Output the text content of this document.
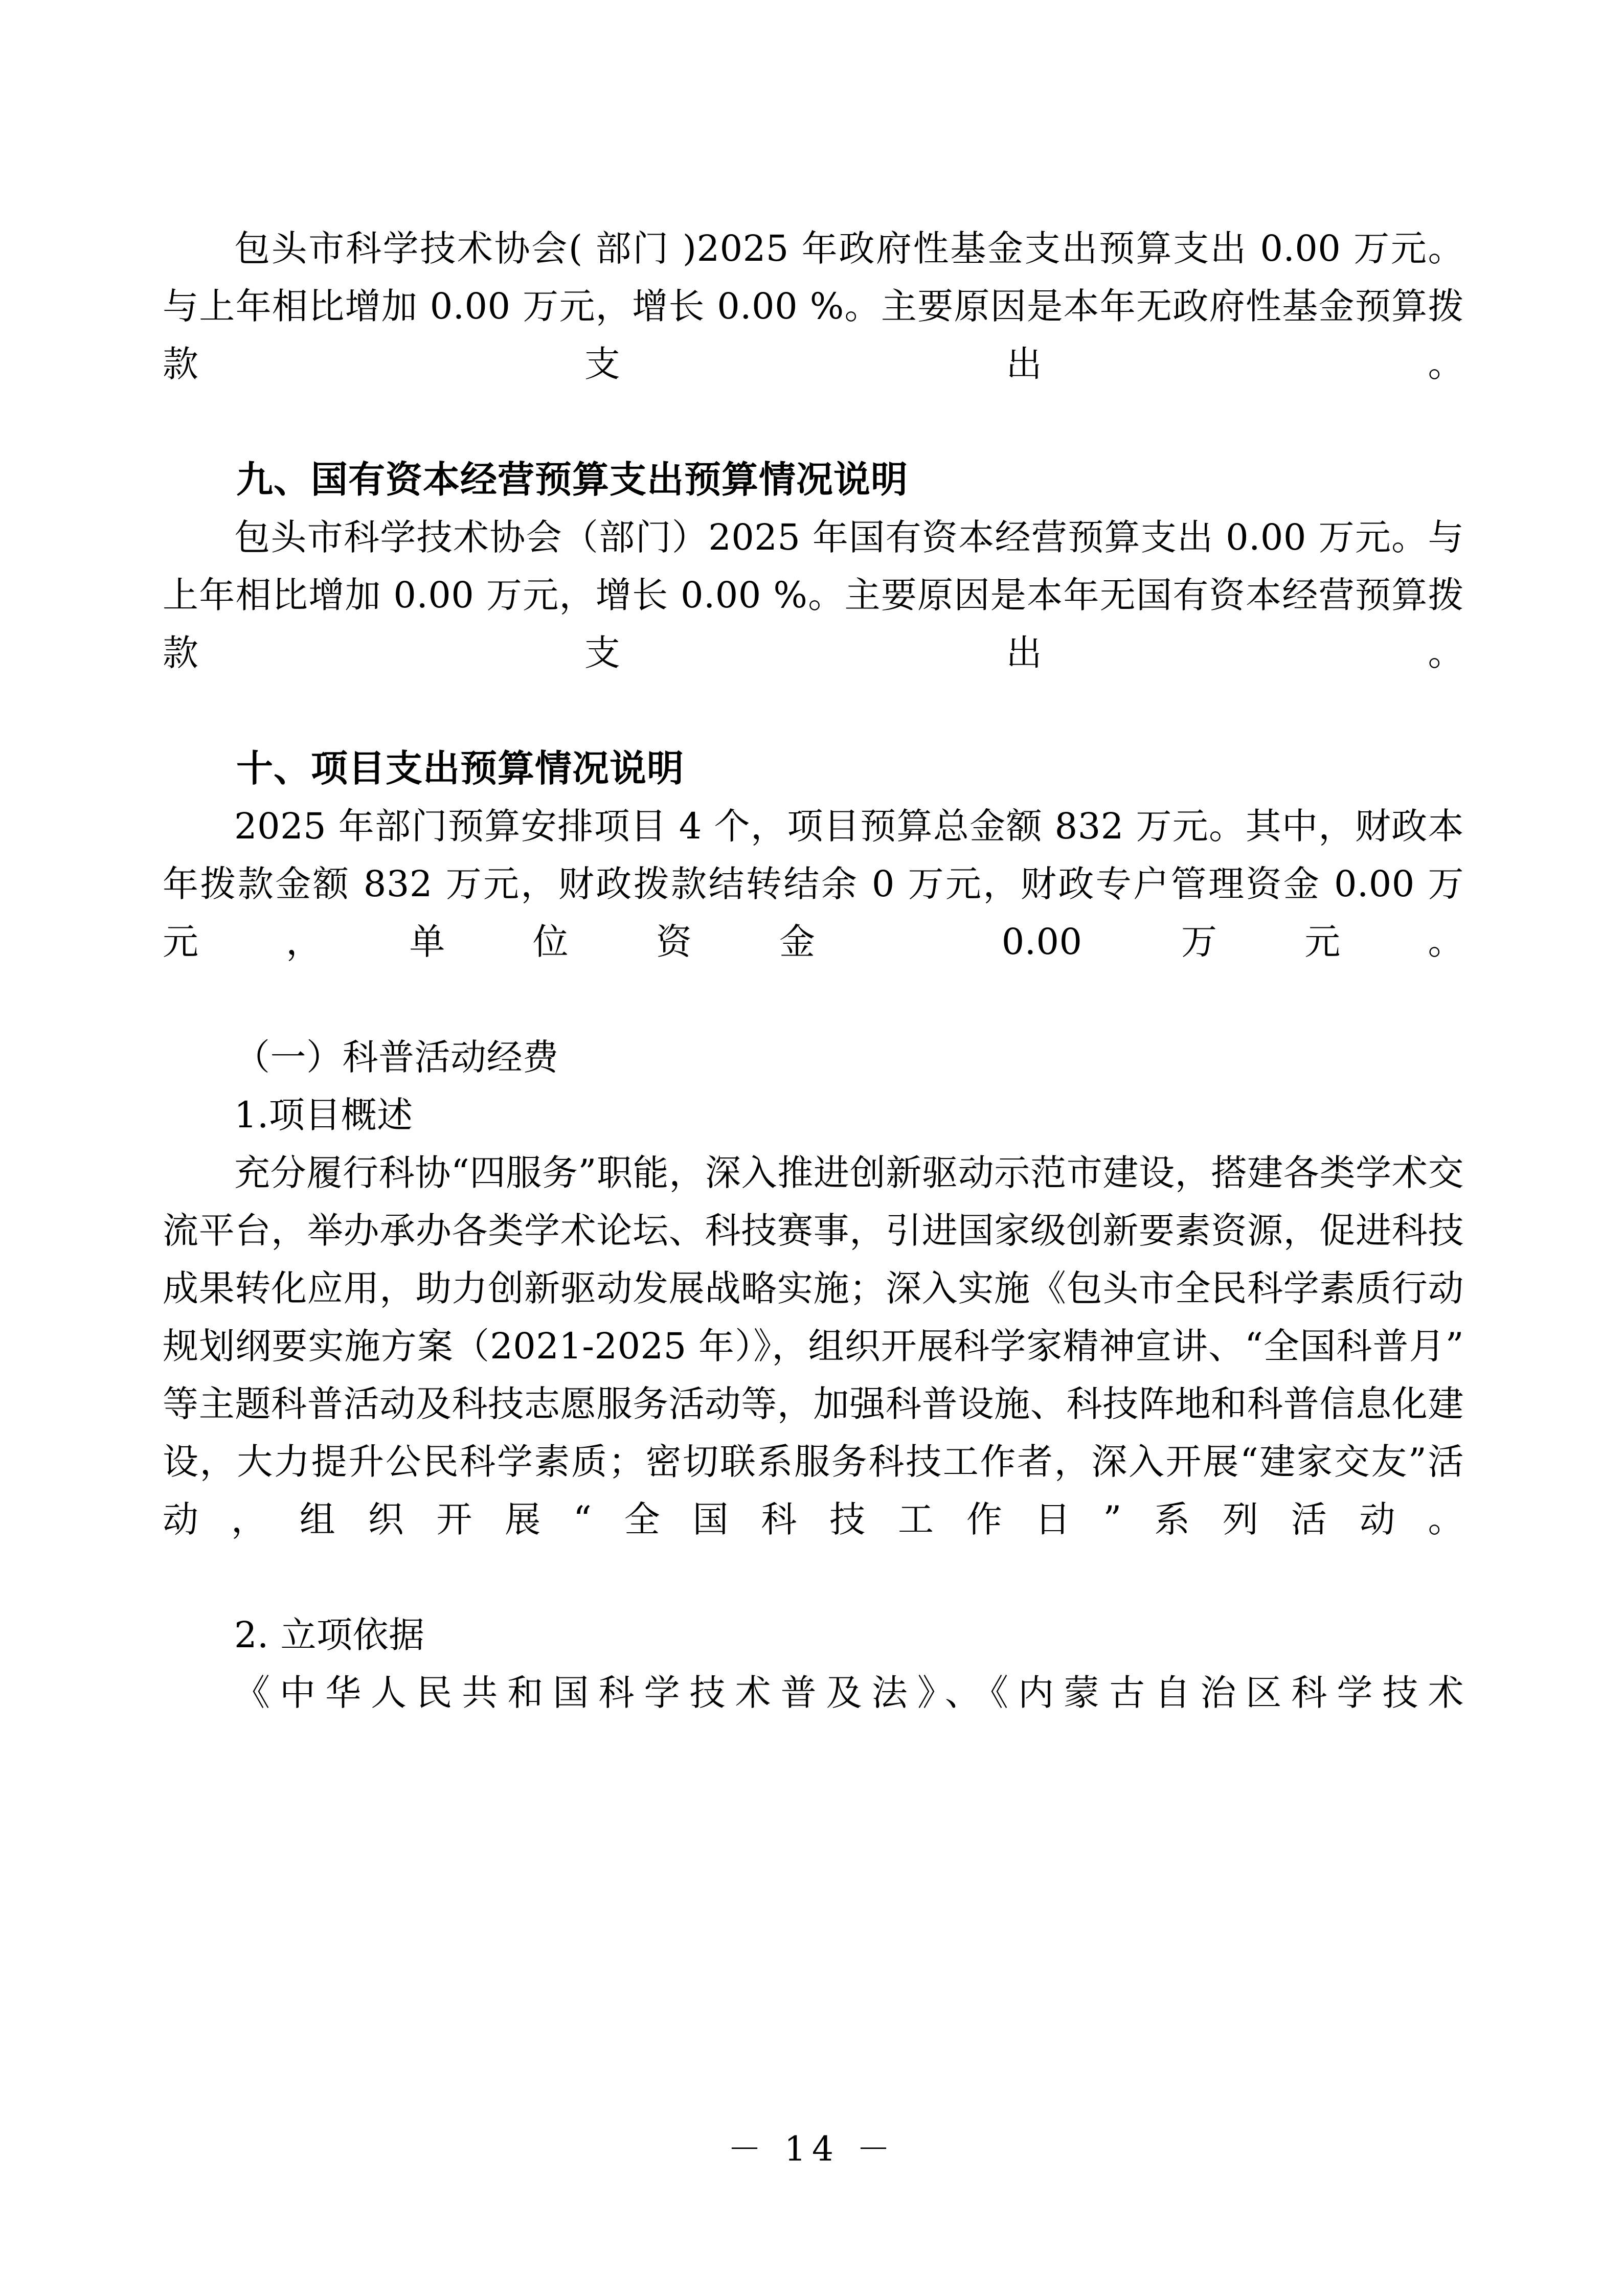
包头市科学技术协会( 部门 )2025 年政府性基金支出预算支出 0.00 万元。与上年相比增加 0.00 万元，增长 0.00 %。主要原因是本年无政府性基金预算拨款支出。

九、国有资本经营预算支出预算情况说明

包头市科学技术协会（部门）2025 年国有资本经营预算支出 0.00 万元。与上年相比增加 0.00 万元，增长 0.00 %。主要原因是本年无国有资本经营预算拨款支出。

十、项目支出预算情况说明

2025 年部门预算安排项目 4 个，项目预算总金额 832 万元。其中，财政本年拨款金额 832 万元，财政拨款结转结余 0 万元，财政专户管理资金 0.00 万元，单位资金 0.00 万元。

（一）科普活动经费

1.项目概述

充分履行科协“四服务”职能，深入推进创新驱动示范市建设，搭建各类学术交流平台，举办承办各类学术论坛、科技赛事，引进国家级创新要素资源，促进科技成果转化应用，助力创新驱动发展战略实施；深入实施《包头市全民科学素质行动规划纲要实施方案（2021-2025 年）》，组织开展科学家精神宣讲、“全国科普月”等主题科普活动及科技志愿服务活动等，加强科普设施、科技阵地和科普信息化建设，大力提升公民科学素质；密切联系服务科技工作者，深入开展“建家交友”活动，组织开展“全国科技工作日”系列活动。

2. 立项依据

《中华人民共和国科学技术普及法》、《内蒙古自治区科学技术

－ 14 －
